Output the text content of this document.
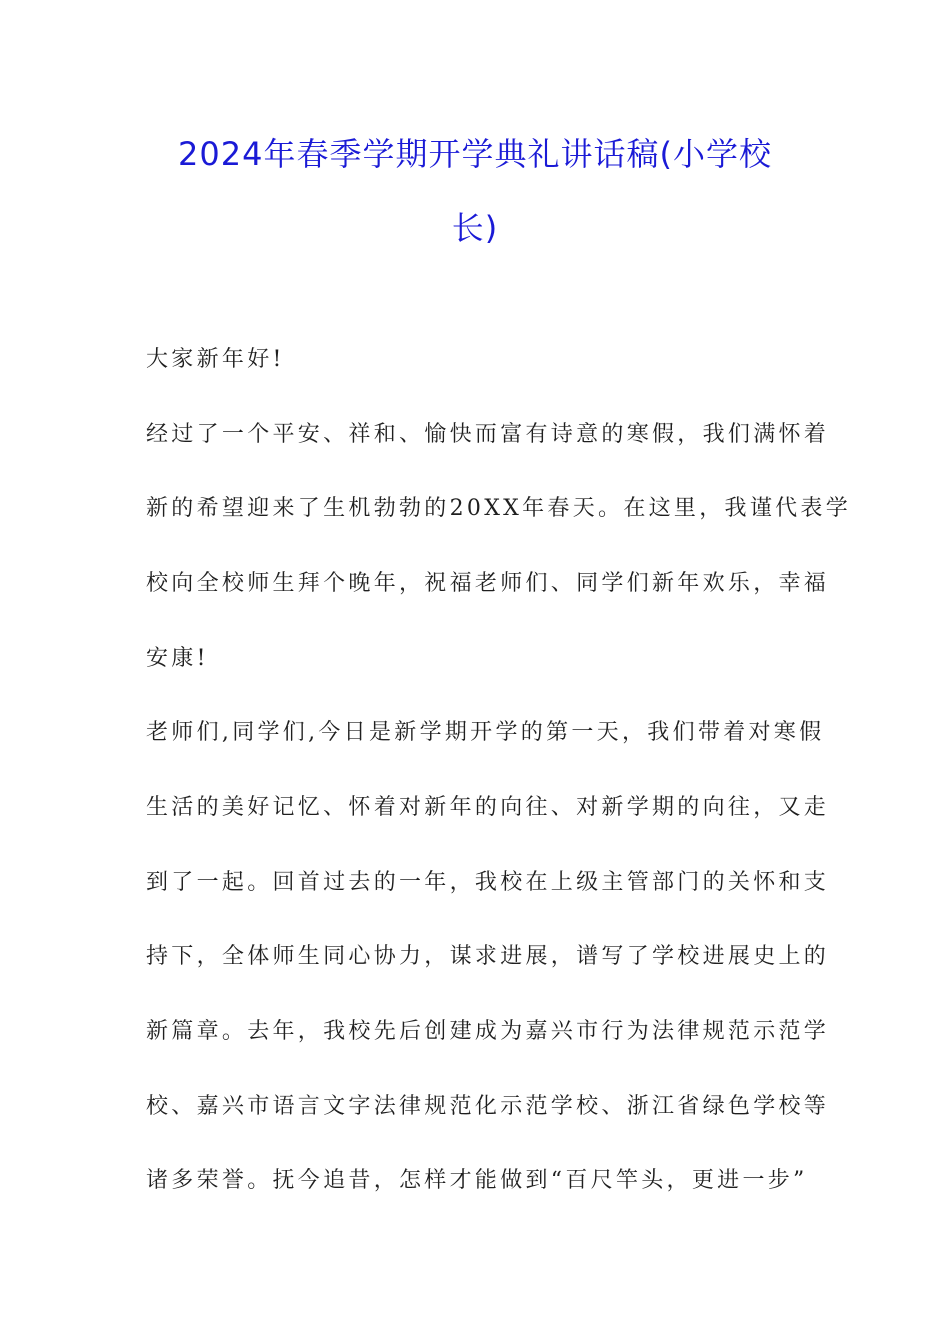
2024年春季学期开学典礼讲话稿(小学校
长)
大家新年好!
经过了一个平安、祥和、愉快而富有诗意的寒假，我们满怀着
新的希望迎来了生机勃勃的20XX年春天。在这里，我谨代表学
校向全校师生拜个晚年，祝福老师们、同学们新年欢乐，幸福
安康!
老师们,同学们,今日是新学期开学的第一天，我们带着对寒假
生活的美好记忆、怀着对新年的向往、对新学期的向往，又走
到了一起。回首过去的一年，我校在上级主管部门的关怀和支
持下，全体师生同心协力，谋求进展，谱写了学校进展史上的
新篇章。去年，我校先后创建成为嘉兴市行为法律规范示范学
校、嘉兴市语言文字法律规范化示范学校、浙江省绿色学校等
诸多荣誉。抚今追昔，怎样才能做到“百尺竿头，更进一步”
